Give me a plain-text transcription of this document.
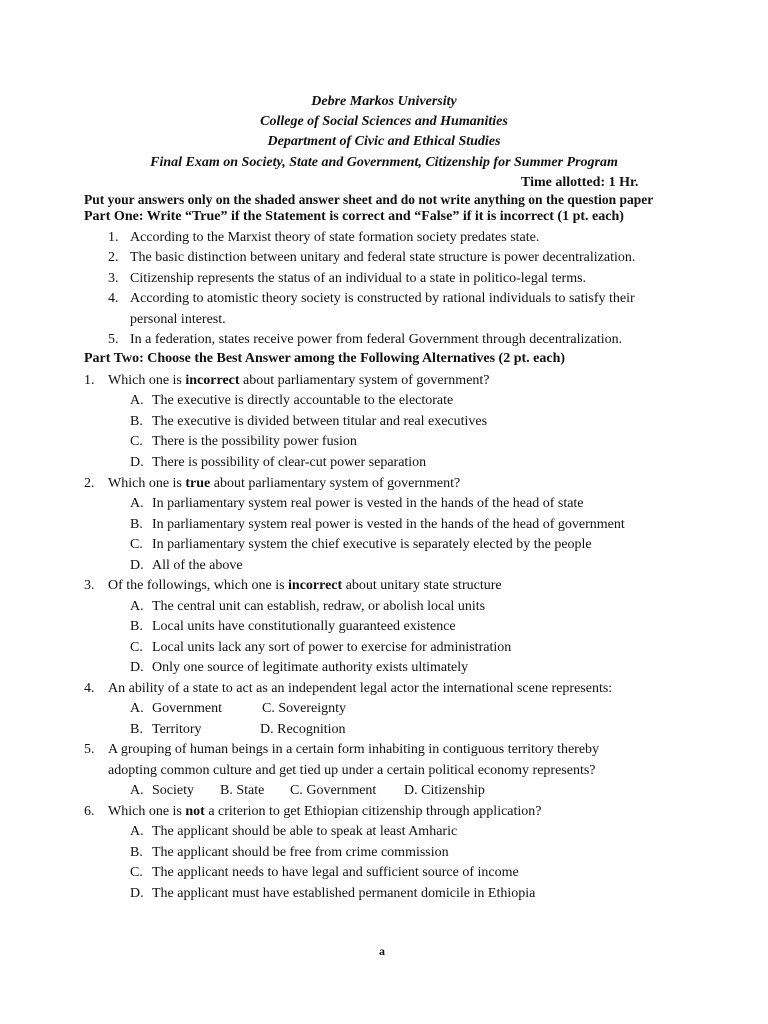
Debre Markos University
College of Social Sciences and Humanities
Department of Civic and Ethical Studies
Final Exam on Society, State and Government, Citizenship for Summer Program
Time allotted: 1 Hr.
Put your answers only on the shaded answer sheet and do not write anything on the question paper
Part One: Write “True” if the Statement is correct and “False” if it is incorrect (1 pt. each)
1. According to the Marxist theory of state formation society predates state.
2. The basic distinction between unitary and federal state structure is power decentralization.
3. Citizenship represents the status of an individual to a state in politico-legal terms.
4. According to atomistic theory society is constructed by rational individuals to satisfy their
personal interest.
5. In a federation, states receive power from federal Government through decentralization.
Part Two: Choose the Best Answer among the Following Alternatives (2 pt. each)
1. Which one is incorrect about parliamentary system of government?
A. The executive is directly accountable to the electorate
B. The executive is divided between titular and real executives
C. There is the possibility power fusion
D. There is possibility of clear-cut power separation
2. Which one is true about parliamentary system of government?
A. In parliamentary system real power is vested in the hands of the head of state
B. In parliamentary system real power is vested in the hands of the head of government
C. In parliamentary system the chief executive is separately elected by the people
D. All of the above
3. Of the followings, which one is incorrect about unitary state structure
A. The central unit can establish, redraw, or abolish local units
B. Local units have constitutionally guaranteed existence
C. Local units lack any sort of power to exercise for administration
D. Only one source of legitimate authority exists ultimately
4. An ability of a state to act as an independent legal actor the international scene represents:
A. Government	C. Sovereignty
B. Territory	D. Recognition
5. A grouping of human beings in a certain form inhabiting in contiguous territory thereby
adopting common culture and get tied up under a certain political economy represents?
A. Society B. State C. Government D. Citizenship
6. Which one is not a criterion to get Ethiopian citizenship through application?
A. The applicant should be able to speak at least Amharic
B. The applicant should be free from crime commission
C. The applicant needs to have legal and sufficient source of income
D. The applicant must have established permanent domicile in Ethiopia
a
